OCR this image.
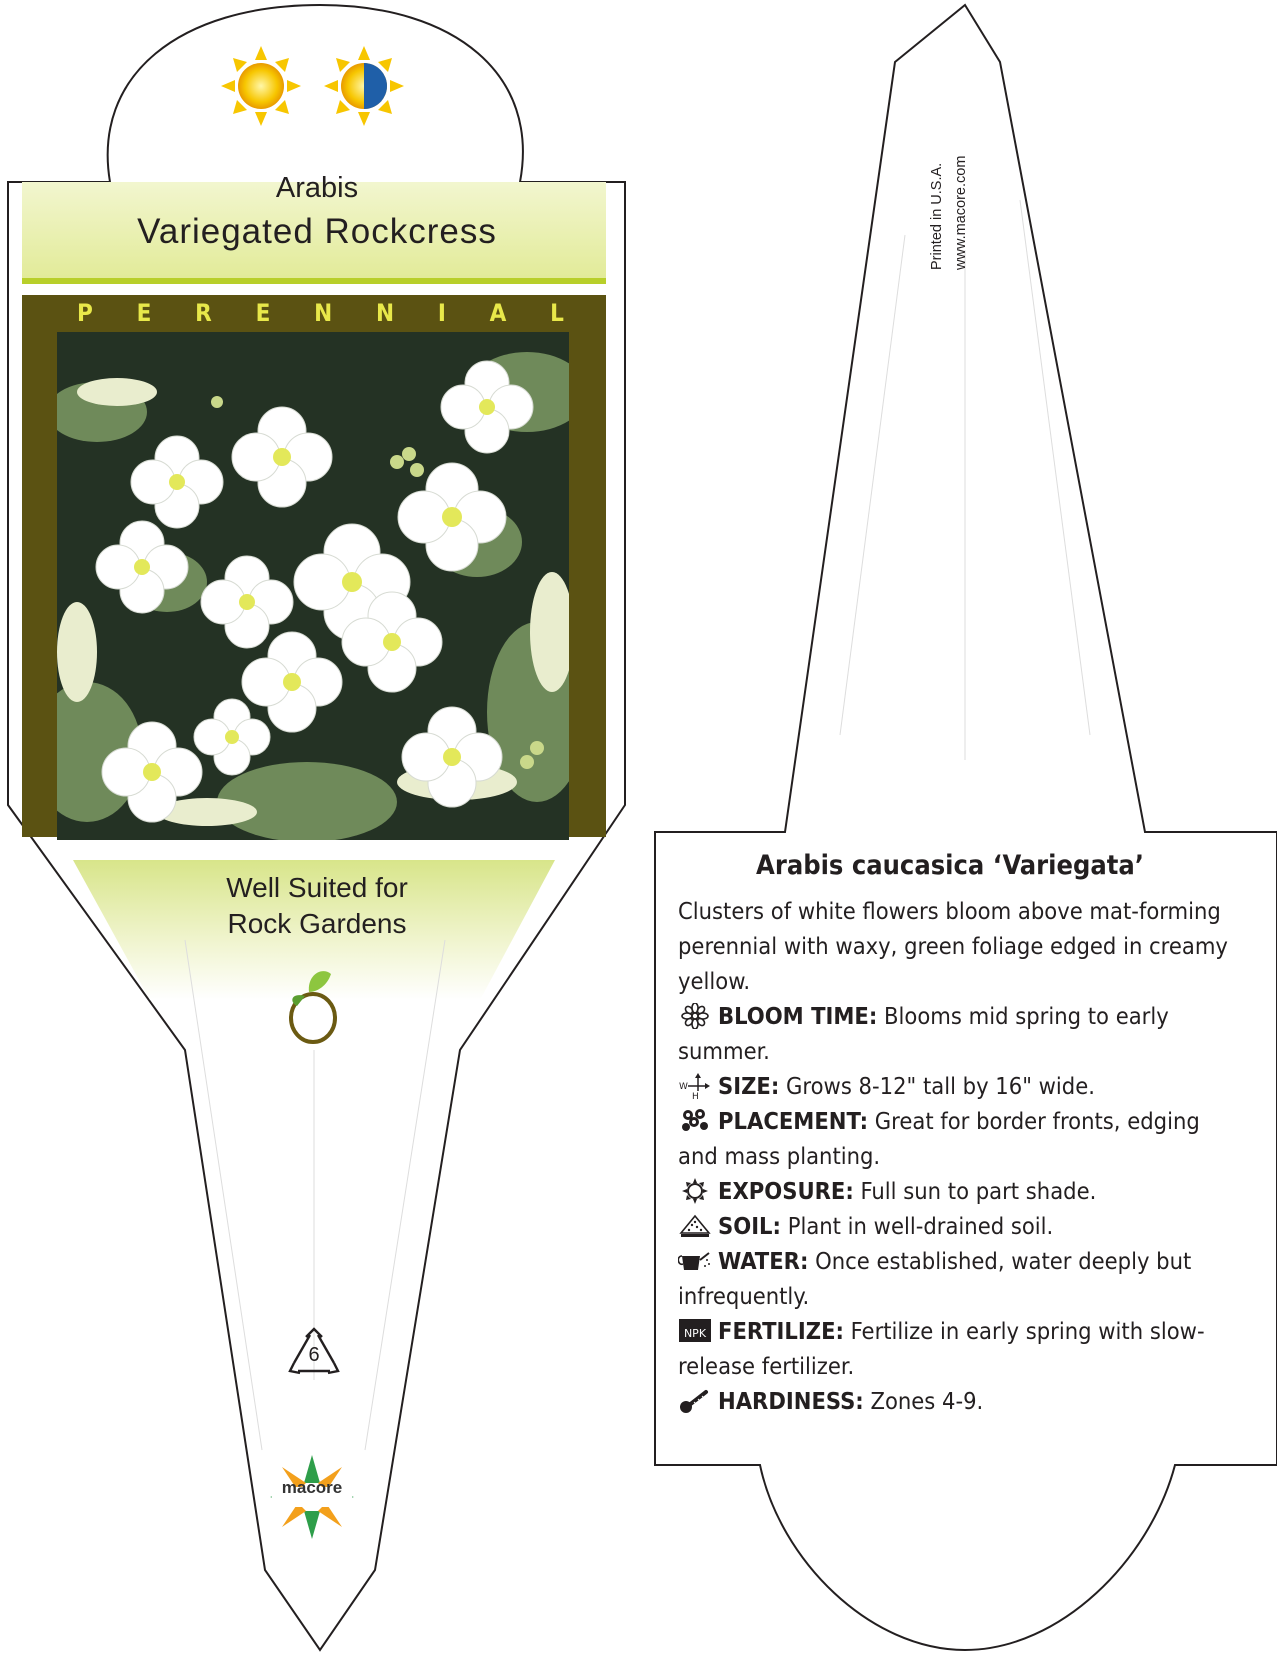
Arabis
Variegated Rockcress
P E R E N N I A L
Well Suited for
Rock Gardens
6
macore
Printed in U.S.A. www.macore.com
Arabis caucasica ‘Variegata’

Clusters of white flowers bloom above mat-forming perennial with waxy, green foliage edged in creamy yellow.

BLOOM TIME: Blooms mid spring to early summer.

W
H SIZE: Grows 8-12" tall by 16" wide.

PLACEMENT: Great for border fronts, edging and mass planting.

EXPOSURE: Full sun to part shade.

SOIL: Plant in well-drained soil.

WATER: Once established, water deeply but infrequently.

NPK FERTILIZE: Fertilize in early spring with slow-release fertilizer.

HARDINESS: Zones 4-9.
